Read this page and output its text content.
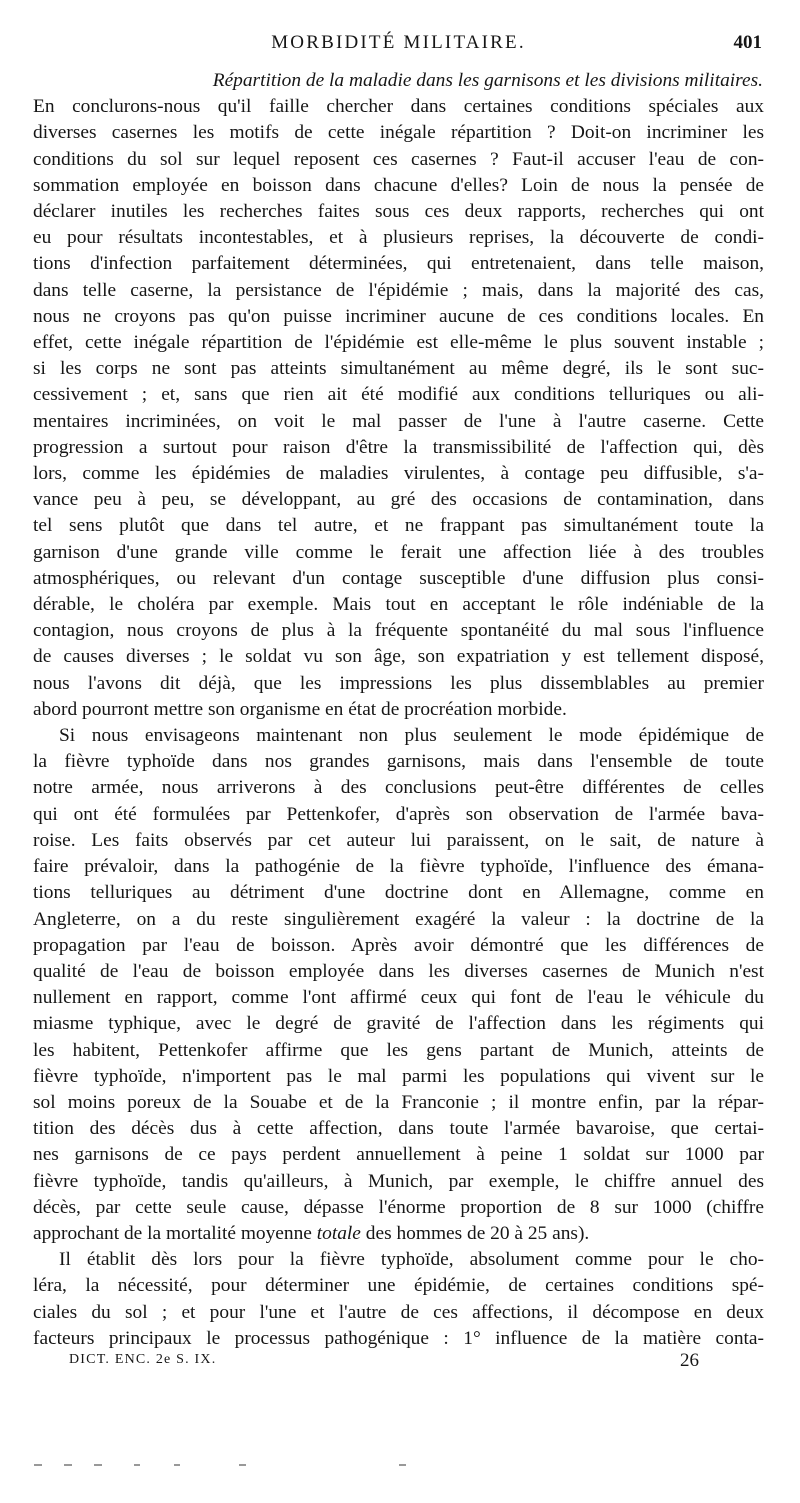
MORBIDITÉ MILITAIRE.	401

Répartition de la maladie dans les garnisons et les divisions militaires.

En conclurons-nous qu'il faille chercher dans certaines conditions spéciales aux

diverses casernes les motifs de cette inégale répartition ? Doit-on incriminer les

conditions du sol sur lequel reposent ces casernes ? Faut-il accuser l'eau de con-

sommation employée en boisson dans chacune d'elles? Loin de nous la pensée de

déclarer inutiles les recherches faites sous ces deux rapports, recherches qui ont

eu pour résultats incontestables, et à plusieurs reprises, la découverte de condi-

tions d'infection parfaitement déterminées, qui entretenaient, dans telle maison,

dans telle caserne, la persistance de l'épidémie ; mais, dans la majorité des cas,

nous ne croyons pas qu'on puisse incriminer aucune de ces conditions locales. En

effet, cette inégale répartition de l'épidémie est elle-même le plus souvent instable ;

si les corps ne sont pas atteints simultanément au même degré, ils le sont suc-

cessivement ; et, sans que rien ait été modifié aux conditions telluriques ou ali-

mentaires incriminées, on voit le mal passer de l'une à l'autre caserne. Cette

progression a surtout pour raison d'être la transmissibilité de l'affection qui, dès

lors, comme les épidémies de maladies virulentes, à contage peu diffusible, s'a-

vance peu à peu, se développant, au gré des occasions de contamination, dans

tel sens plutôt que dans tel autre, et ne frappant pas simultanément toute la

garnison d'une grande ville comme le ferait une affection liée à des troubles

atmosphériques, ou relevant d'un contage susceptible d'une diffusion plus consi-

dérable, le choléra par exemple. Mais tout en acceptant le rôle indéniable de la

contagion, nous croyons de plus à la fréquente spontanéité du mal sous l'influence

de causes diverses ; le soldat vu son âge, son expatriation y est tellement disposé,

nous l'avons dit déjà, que les impressions les plus dissemblables au premier

abord pourront mettre son organisme en état de procréation morbide.

Si nous envisageons maintenant non plus seulement le mode épidémique de

la fièvre typhoïde dans nos grandes garnisons, mais dans l'ensemble de toute

notre armée, nous arriverons à des conclusions peut-être différentes de celles

qui ont été formulées par Pettenkofer, d'après son observation de l'armée bava-

roise. Les faits observés par cet auteur lui paraissent, on le sait, de nature à

faire prévaloir, dans la pathogénie de la fièvre typhoïde, l'influence des émana-

tions telluriques au détriment d'une doctrine dont en Allemagne, comme en

Angleterre, on a du reste singulièrement exagéré la valeur : la doctrine de la

propagation par l'eau de boisson. Après avoir démontré que les différences de

qualité de l'eau de boisson employée dans les diverses casernes de Munich n'est

nullement en rapport, comme l'ont affirmé ceux qui font de l'eau le véhicule du

miasme typhique, avec le degré de gravité de l'affection dans les régiments qui

les habitent, Pettenkofer affirme que les gens partant de Munich, atteints de

fièvre typhoïde, n'importent pas le mal parmi les populations qui vivent sur le

sol moins poreux de la Souabe et de la Franconie ; il montre enfin, par la répar-

tition des décès dus à cette affection, dans toute l'armée bavaroise, que certai-

nes garnisons de ce pays perdent annuellement à peine 1 soldat sur 1000 par

fièvre typhoïde, tandis qu'ailleurs, à Munich, par exemple, le chiffre annuel des

décès, par cette seule cause, dépasse l'énorme proportion de 8 sur 1000 (chiffre

approchant de la mortalité moyenne totale des hommes de 20 à 25 ans).

Il établit dès lors pour la fièvre typhoïde, absolument comme pour le cho-

léra, la nécessité, pour déterminer une épidémie, de certaines conditions spé-

ciales du sol ; et pour l'une et l'autre de ces affections, il décompose en deux

facteurs principaux le processus pathogénique : 1° influence de la matière conta-

DICT. ENC. 2e S. IX.	26
